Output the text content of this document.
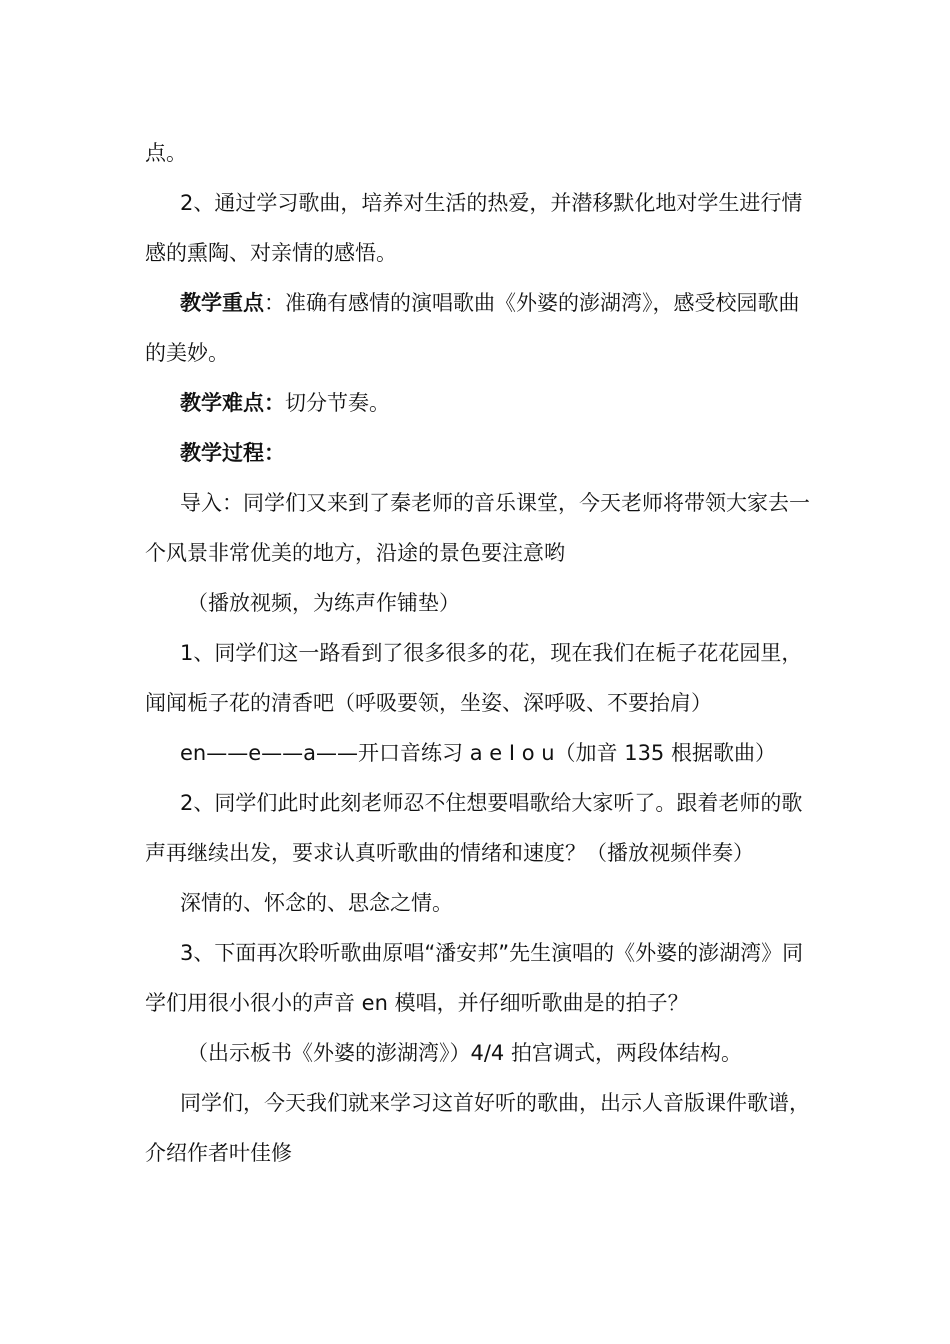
点。

2、通过学习歌曲，培养对生活的热爱，并潜移默化地对学生进行情感的熏陶、对亲情的感悟。

教学重点：准确有感情的演唱歌曲《外婆的澎湖湾》，感受校园歌曲的美妙。

教学难点：切分节奏。

教学过程：

导入：同学们又来到了秦老师的音乐课堂，今天老师将带领大家去一个风景非常优美的地方，沿途的景色要注意哟

（播放视频，为练声作铺垫）

1、同学们这一路看到了很多很多的花，现在我们在栀子花花园里，闻闻栀子花的清香吧（呼吸要领，坐姿、深呼吸、不要抬肩）

en——e——a——开口音练习 a e I o u（加音 135 根据歌曲）

2、同学们此时此刻老师忍不住想要唱歌给大家听了。跟着老师的歌声再继续出发，要求认真听歌曲的情绪和速度？（播放视频伴奏）

深情的、怀念的、思念之情。

3、下面再次聆听歌曲原唱“潘安邦”先生演唱的《外婆的澎湖湾》同学们用很小很小的声音 en 模唱，并仔细听歌曲是的拍子？

（出示板书《外婆的澎湖湾》）4/4 拍宫调式，两段体结构。

同学们，今天我们就来学习这首好听的歌曲，出示人音版课件歌谱，介绍作者叶佳修
